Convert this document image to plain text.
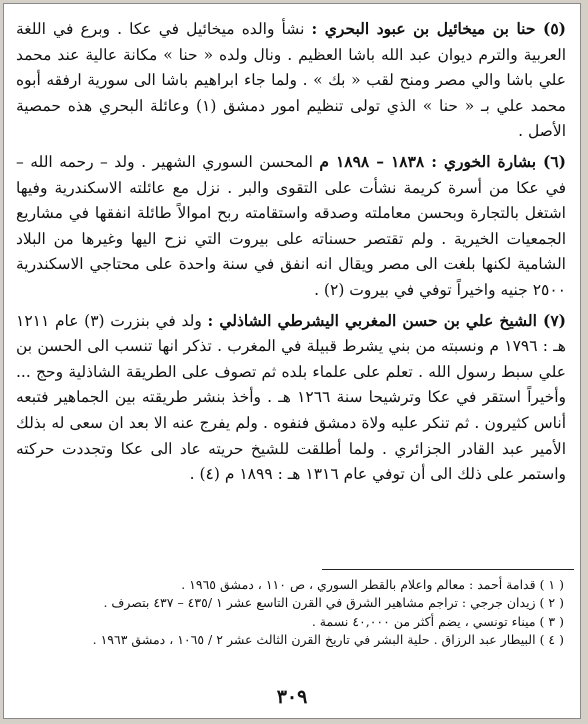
(٥) حنا بن ميخائيل بن عبود البحري : نشأ والده ميخائيل في عكا . وبرع في اللغة العربية والترم ديوان عبد الله باشا العظيم . ونال ولده « حنا » مكانة عالية عند محمد علي باشا والي مصر ومنح لقب « بك » . ولما جاء ابراهيم باشا الى سورية ارفقه أبوه محمد علي بـ « حنا » الذي تولى تنظيم امور دمشق (١) وعائلة البحري هذه حمصية الأصل .

(٦) بشارة الخوري : ١٨٣٨ – ١٨٩٨ م المحسن السوري الشهير . ولد – رحمه الله – في عكا من أسرة كريمة نشأت على التقوى والبر . نزل مع عائلته الاسكندرية وفيها اشتغل بالتجارة وبحسن معاملته وصدقه واستقامته ربح اموالاً طائلة انفقها في مشاريع الجمعيات الخيرية . ولم تقتصر حسناته على بيروت التي نزح اليها وغيرها من البلاد الشامية لكنها بلغت الى مصر ويقال انه انفق في سنة واحدة على محتاجي الاسكندرية ٢٥٠٠ جنيه واخيراً توفي في بيروت (٢) .

(٧) الشيخ علي بن حسن المغربي اليشرطي الشاذلي : ولد في بنزرت (٣) عام ١٢١١ هـ : ١٧٩٦ م ونسبته من بني يشرط قبيلة في المغرب . تذكر انها تنسب الى الحسن بن علي سبط رسول الله . تعلم على علماء بلده ثم تصوف على الطريقة الشاذلية وحج ... وأخيراً استقر في عكا وترشيحا سنة ١٢٦٦ هـ . وأخذ بنشر طريقته بين الجماهير فتبعه أناس كثيرون . ثم تنكر عليه ولاة دمشق فنفوه . ولم يفرج عنه الا بعد ان سعى له بذلك الأمير عبد القادر الجزائري . ولما أطلقت للشيخ حريته عاد الى عكا وتجددت حركته واستمر على ذلك الى أن توفي عام ١٣١٦ هـ : ١٨٩٩ م (٤) .

( ١ ) قدامة أحمد : معالم واعلام بالقطر السوري ، ص ١١٠ ، دمشق ١٩٦٥ .
( ٢ ) زيدان جرجي : تراجم مشاهير الشرق في القرن التاسع عشر ١ /٤٣٥ – ٤٣٧ بتصرف .
( ٣ ) ميناء تونسي ، يضم أكثر من ٤٠,٠٠٠ نسمة .
( ٤ ) البيطار عبد الرزاق . حلية البشر في تاريخ القرن الثالث عشر ٢ / ١٠٦٥ ، دمشق ١٩٦٣ .
٣٠٩
